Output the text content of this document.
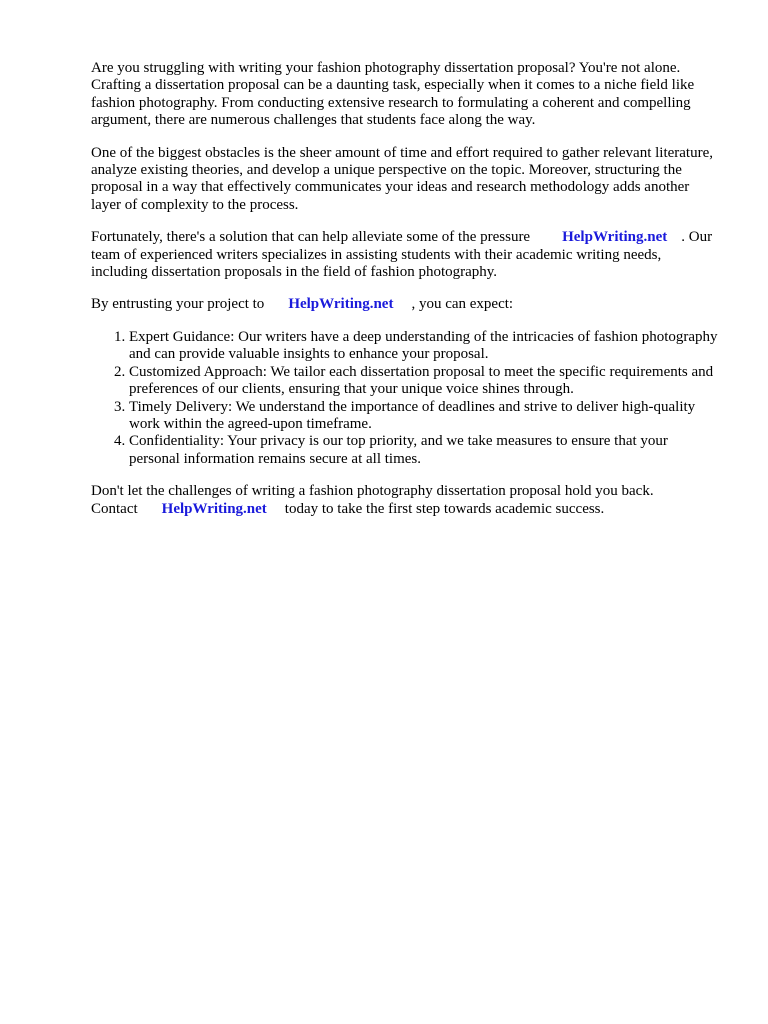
Are you struggling with writing your fashion photography dissertation proposal? You're not alone. Crafting a dissertation proposal can be a daunting task, especially when it comes to a niche field like fashion photography. From conducting extensive research to formulating a coherent and compelling argument, there are numerous challenges that students face along the way.

One of the biggest obstacles is the sheer amount of time and effort required to gather relevant literature, analyze existing theories, and develop a unique perspective on the topic. Moreover, structuring the proposal in a way that effectively communicates your ideas and research methodology adds another layer of complexity to the process.

Fortunately, there's a solution that can help alleviate some of the pressure HelpWriting.net . Our team of experienced writers specializes in assisting students with their academic writing needs, including dissertation proposals in the field of fashion photography.

By entrusting your project to HelpWriting.net , you can expect:

1. Expert Guidance: Our writers have a deep understanding of the intricacies of fashion photography and can provide valuable insights to enhance your proposal.
2. Customized Approach: We tailor each dissertation proposal to meet the specific requirements and preferences of our clients, ensuring that your unique voice shines through.
3. Timely Delivery: We understand the importance of deadlines and strive to deliver high-quality work within the agreed-upon timeframe.
4. Confidentiality: Your privacy is our top priority, and we take measures to ensure that your personal information remains secure at all times.

Don't let the challenges of writing a fashion photography dissertation proposal hold you back.
Contact HelpWriting.net today to take the first step towards academic success.
